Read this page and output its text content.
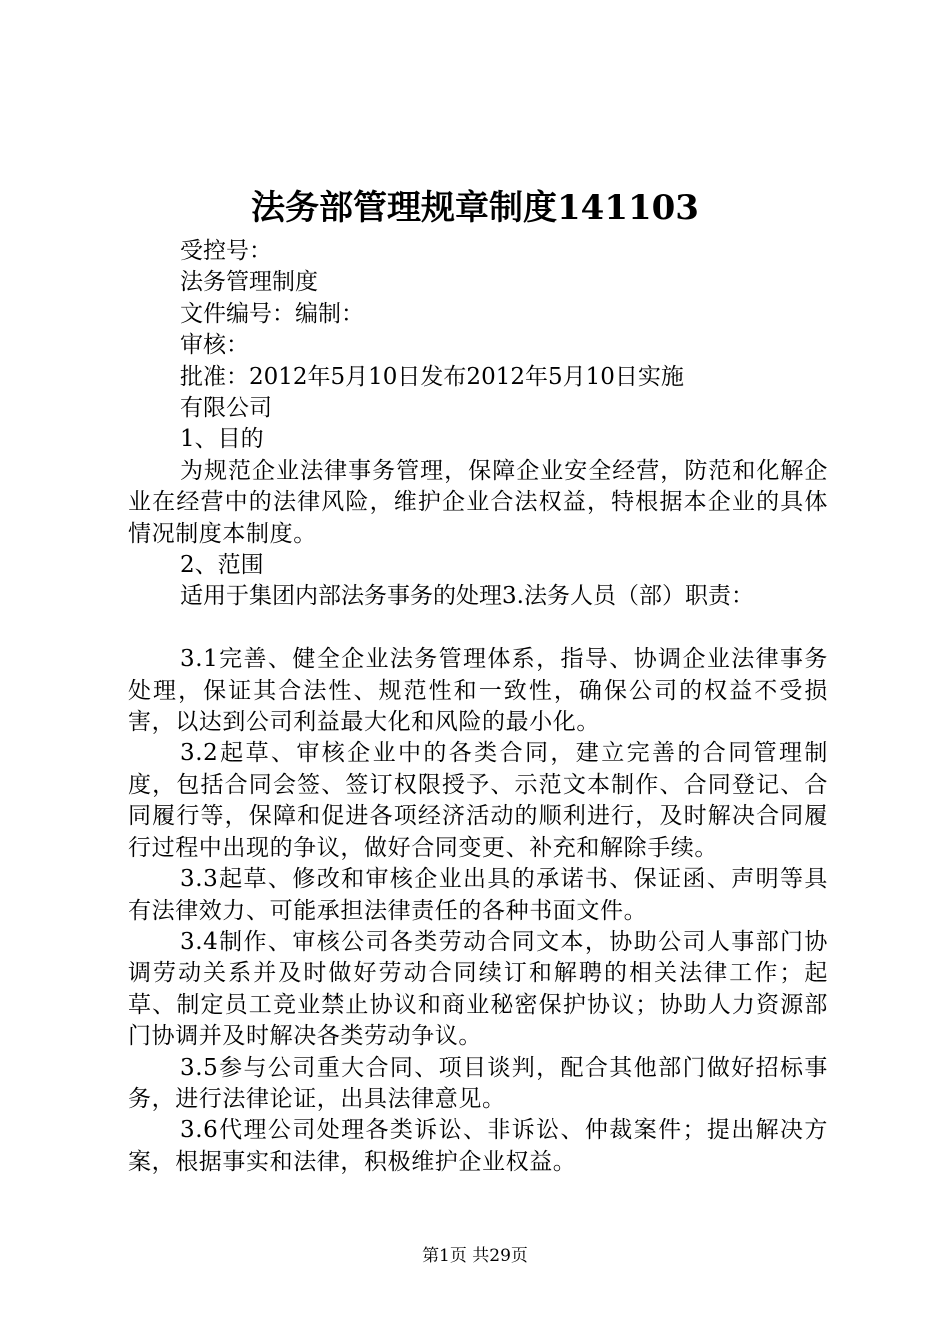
法务部管理规章制度141103

受控号：

法务管理制度

文件编号：编制：

审核：

批准：2012年5月10日发布2012年5月10日实施

有限公司

1、目的

为规范企业法律事务管理，保障企业安全经营，防范和化解企业在经营中的法律风险，维护企业合法权益，特根据本企业的具体情况制度本制度。

2、范围

适用于集团内部法务事务的处理3.法务人员（部）职责：

3.1完善、健全企业法务管理体系，指导、协调企业法律事务处理，保证其合法性、规范性和一致性，确保公司的权益不受损害，以达到公司利益最大化和风险的最小化。

3.2起草、审核企业中的各类合同，建立完善的合同管理制度，包括合同会签、签订权限授予、示范文本制作、合同登记、合同履行等，保障和促进各项经济活动的顺利进行，及时解决合同履行过程中出现的争议，做好合同变更、补充和解除手续。

3.3起草、修改和审核企业出具的承诺书、保证函、声明等具有法律效力、可能承担法律责任的各种书面文件。

3.4制作、审核公司各类劳动合同文本，协助公司人事部门协调劳动关系并及时做好劳动合同续订和解聘的相关法律工作；起草、制定员工竞业禁止协议和商业秘密保护协议；协助人力资源部门协调并及时解决各类劳动争议。

3.5参与公司重大合同、项目谈判，配合其他部门做好招标事务，进行法律论证，出具法律意见。

3.6代理公司处理各类诉讼、非诉讼、仲裁案件；提出解决方案，根据事实和法律，积极维护企业权益。

第1页 共29页
